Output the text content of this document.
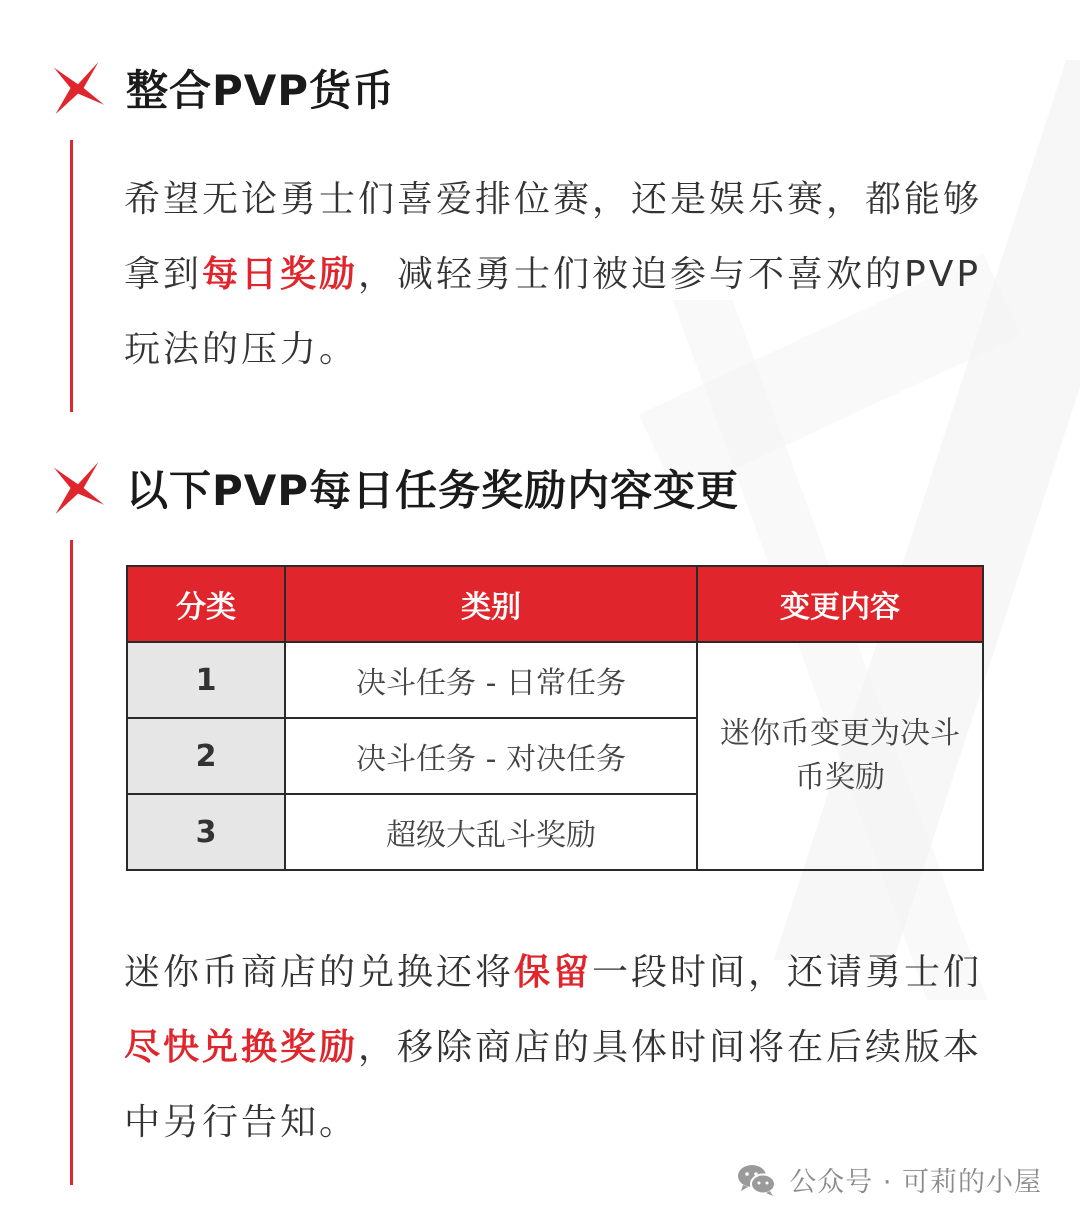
整合PVP货币
希望无论勇士们喜爱排位赛，还是娱乐赛，都能够拿到每日奖励，减轻勇士们被迫参与不喜欢的PVP玩法的压力。
以下PVP每日任务奖励内容变更
分类	类别	变更内容
1	决斗任务 - 日常任务	迷你币变更为决斗币奖励
2	决斗任务 - 对决任务	
3	超级大乱斗奖励	
迷你币商店的兑换还将保留一段时间，还请勇士们尽快兑换奖励，移除商店的具体时间将在后续版本中另行告知。
公众号 · 可莉的小屋
